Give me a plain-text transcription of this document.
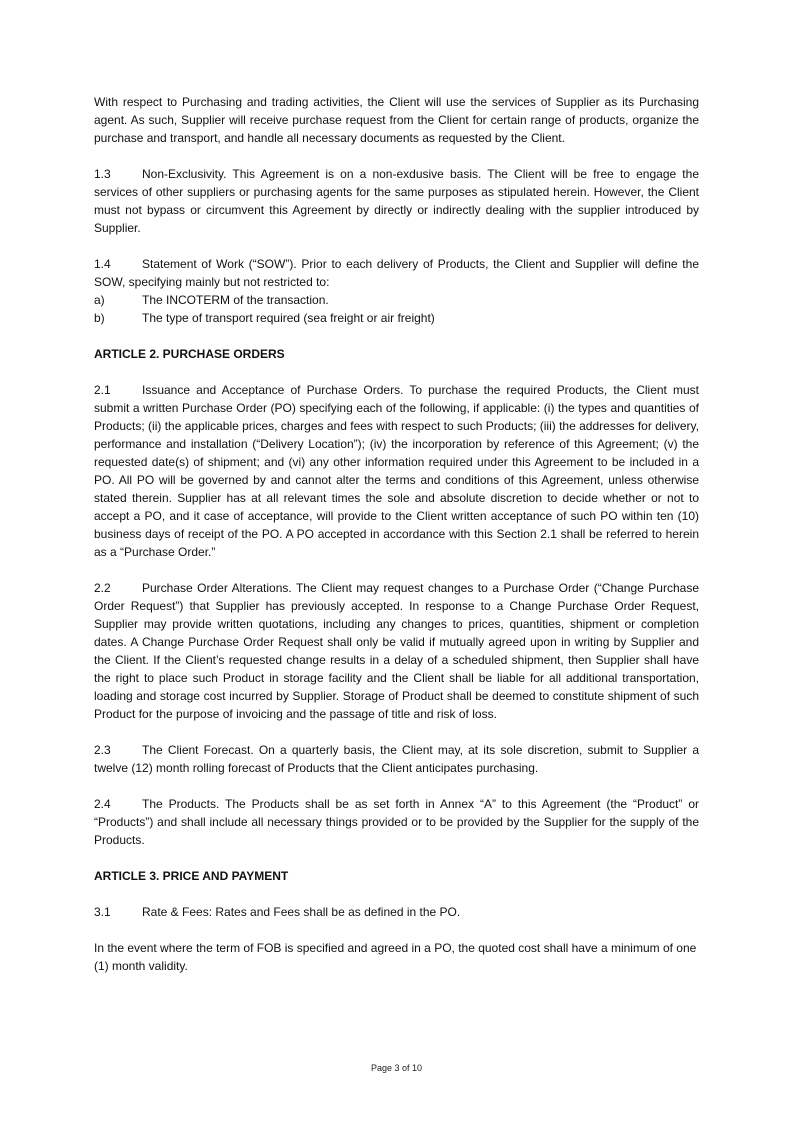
With respect to Purchasing and trading activities, the Client will use the services of Supplier as its Purchasing agent. As such, Supplier will receive purchase request from the Client for certain range of products, organize the purchase and transport, and handle all necessary documents as requested by the Client.

1.3	Non-Exclusivity. This Agreement is on a non-exdusive basis. The Client will be free to engage the services of other suppliers or purchasing agents for the same purposes as stipulated herein. However, the Client must not bypass or circumvent this Agreement by directly or indirectly dealing with the supplier introduced by Supplier.

1.4	Statement of Work (“SOW”). Prior to each delivery of Products, the Client and Supplier will define the SOW, specifying mainly but not restricted to:

a)	The INCOTERM of the transaction.
b)	The type of transport required (sea freight or air freight)
ARTICLE 2. PURCHASE ORDERS

2.1	Issuance and Acceptance of Purchase Orders. To purchase the required Products, the Client must submit a written Purchase Order (PO) specifying each of the following, if applicable: (i) the types and quantities of Products; (ii) the applicable prices, charges and fees with respect to such Products; (iii) the addresses for delivery, performance and installation (“Delivery Location”); (iv) the incorporation by reference of this Agreement; (v) the requested date(s) of shipment; and (vi) any other information required under this Agreement to be included in a PO. All PO will be governed by and cannot alter the terms and conditions of this Agreement, unless otherwise stated therein. Supplier has at all relevant times the sole and absolute discretion to decide whether or not to accept a PO, and it case of acceptance, will provide to the Client written acceptance of such PO within ten (10) business days of receipt of the PO. A PO accepted in accordance with this Section 2.1 shall be referred to herein as a “Purchase Order.”

2.2	Purchase Order Alterations. The Client may request changes to a Purchase Order (“Change Purchase Order Request”) that Supplier has previously accepted. In response to a Change Purchase Order Request, Supplier may provide written quotations, including any changes to prices, quantities, shipment or completion dates. A Change Purchase Order Request shall only be valid if mutually agreed upon in writing by Supplier and the Client. If the Client’s requested change results in a delay of a scheduled shipment, then Supplier shall have the right to place such Product in storage facility and the Client shall be liable for all additional transportation, loading and storage cost incurred by Supplier. Storage of Product shall be deemed to constitute shipment of such Product for the purpose of invoicing and the passage of title and risk of loss.

2.3	The Client Forecast. On a quarterly basis, the Client may, at its sole discretion, submit to Supplier a twelve (12) month rolling forecast of Products that the Client anticipates purchasing.

2.4	The Products. The Products shall be as set forth in Annex “A” to this Agreement (the “Product” or “Products”) and shall include all necessary things provided or to be provided by the Supplier for the supply of the Products.

ARTICLE 3. PRICE AND PAYMENT

3.1	Rate & Fees: Rates and Fees shall be as defined in the PO.

In the event where the term of FOB is specified and agreed in a PO, the quoted cost shall have a minimum of one (1) month validity.

Page 3 of 10
